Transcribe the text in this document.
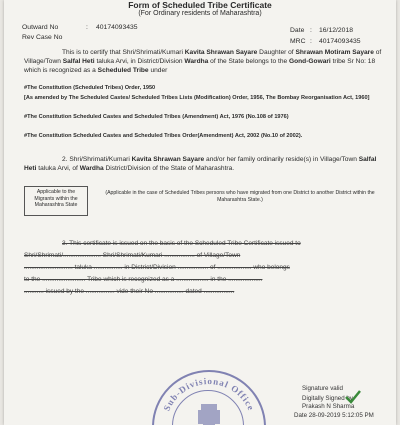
Form of Scheduled Tribe Certificate
(For Ordinary residents of Maharashtra)
Outward No	: 40174093435
Rev Case No
Date : 16/12/2018
MRC : 40174093435
This is to certify that Shri/Shrimati/Kumari Kavita Shrawan Sayare Daughter of Shrawan Motiram Sayare of Village/Town Salfal Heti taluka Arvi, in District/Division Wardha of the State belongs to the Gond-Gowari tribe Sr No: 18 which is recognized as a Scheduled Tribe under
#The Constitution (Scheduled Tribes) Order, 1950
[As amended by The Scheduled Castes/ Scheduled Tribes Lists (Modification) Order, 1956, The Bombay Reorganisation Act, 1960]
#The Constitution Scheduled Castes and Scheduled Tribes (Amendment) Act, 1976 (No.108 of 1976)
#The Constitution Scheduled Castes and Scheduled Tribes Order(Amendment) Act, 2002 (No.10 of 2002).
2. Shri/Shrimati/Kumari Kavita Shrawan Sayare and/or her family ordinarily reside(s) in Village/Town Salfal Heti taluka Arvi, of Wardha District/Division of the State of Maharashtra.
Applicable to the Migrants within the Maharashtra State
(Applicable in the case of Scheduled Tribes persons who have migrated from one District to another District within the Maharashtra State.)
3. This certificate is issued on the basis of the Scheduled Tribe Certificate issued to
Shri/Shrimati/..................... Shri/Shrimati/Kumari ................. of Village/Town
........................... taluka ................ in District/Division ................. of ................... who belongs
to the ........................ Tribe which is recognized as a .................. in the ...................
........... issued by the ................ vide their No ................ dated .................
Sub-Divisional Office
Signature valid
Digitally Signed by
Prakash N Sharma
Date 28-09-2019 5:12:05 PM
